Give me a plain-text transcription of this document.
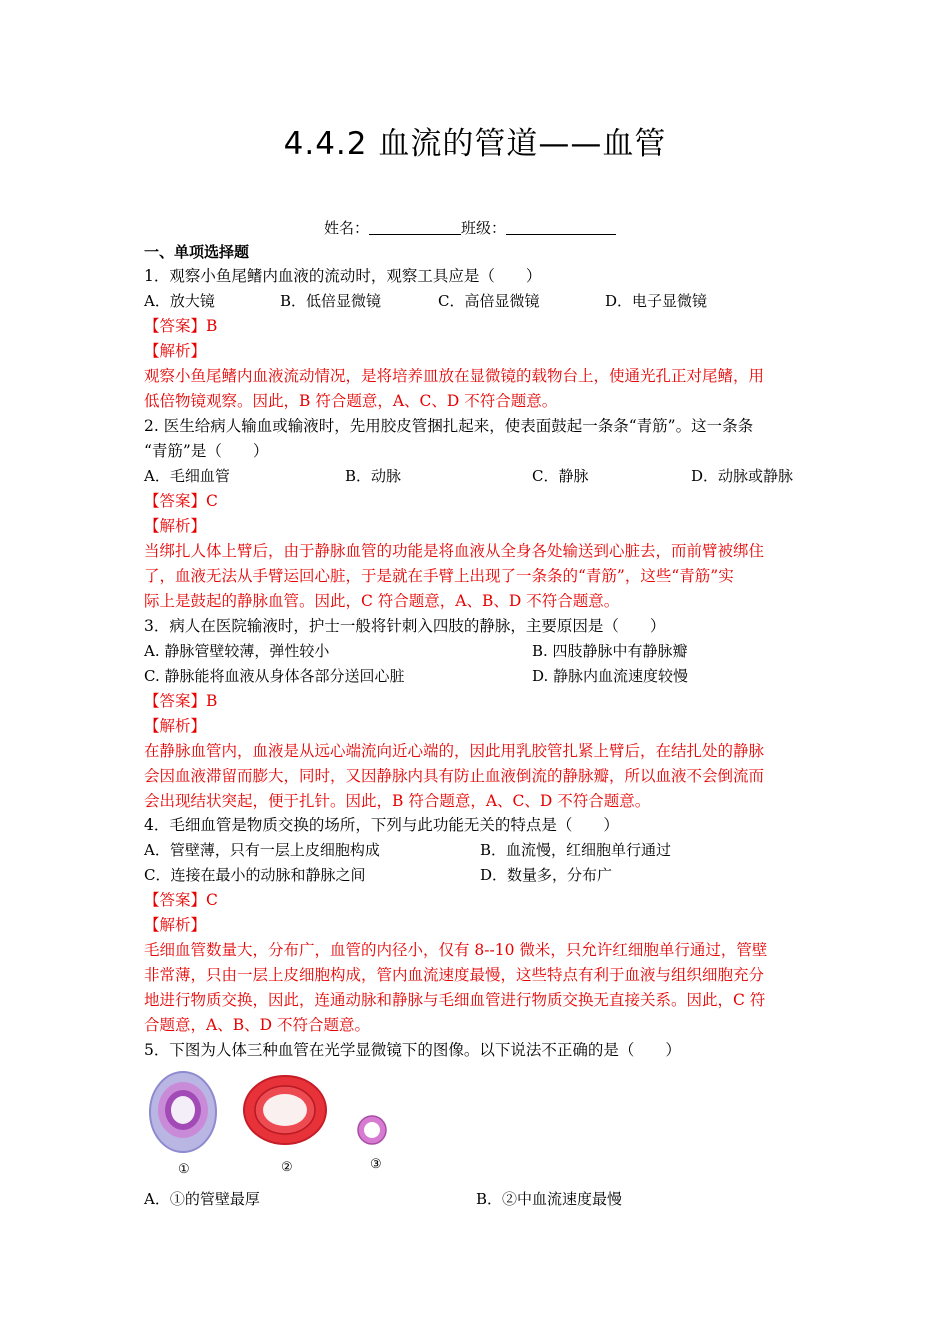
4.4.2 血流的管道——血管
姓名：	班级：
一、单项选择题
1．观察小鱼尾鳍内血液的流动时，观察工具应是（　　）
A．放大镜	B．低倍显微镜	C．高倍显微镜	D．电子显微镜
【答案】B
【解析】
观察小鱼尾鳍内血液流动情况，是将培养皿放在显微镜的载物台上，使通光孔正对尾鳍，用
低倍物镜观察。因此，B 符合题意，A、C、D 不符合题意。
2. 医生给病人输血或输液时，先用胶皮管捆扎起来，使表面鼓起一条条“青筋”。这一条条
“青筋”是（　　）
A．毛细血管	B．动脉	C．静脉	D．动脉或静脉
【答案】C
【解析】
当绑扎人体上臂后，由于静脉血管的功能是将血液从全身各处输送到心脏去，而前臂被绑住
了，血液无法从手臂运回心脏，于是就在手臂上出现了一条条的“青筋”，这些“青筋”实
际上是鼓起的静脉血管。因此，C 符合题意，A、B、D 不符合题意。
3．病人在医院输液时，护士一般将针刺入四肢的静脉，主要原因是（　　）
A. 静脉管壁较薄，弹性较小	B. 四肢静脉中有静脉瓣
C. 静脉能将血液从身体各部分送回心脏	D. 静脉内血流速度较慢
【答案】B
【解析】
在静脉血管内，血液是从远心端流向近心端的，因此用乳胶管扎紧上臂后，在结扎处的静脉
会因血液滞留而膨大，同时，又因静脉内具有防止血液倒流的静脉瓣，所以血液不会倒流而
会出现结状突起，便于扎针。因此，B 符合题意，A、C、D 不符合题意。
4．毛细血管是物质交换的场所，下列与此功能无关的特点是（　　）
A．管壁薄，只有一层上皮细胞构成	B．血流慢，红细胞单行通过
C．连接在最小的动脉和静脉之间	D．数量多，分布广
【答案】C
【解析】
毛细血管数量大，分布广，血管的内径小，仅有 8--10 微米，只允许红细胞单行通过，管壁
非常薄，只由一层上皮细胞构成，管内血流速度最慢，这些特点有利于血液与组织细胞充分
地进行物质交换，因此，连通动脉和静脉与毛细血管进行物质交换无直接关系。因此，C 符
合题意，A、B、D 不符合题意。
5．下图为人体三种血管在光学显微镜下的图像。以下说法不正确的是（　　）
①	②	③
A．①的管壁最厚	B．②中血流速度最慢
